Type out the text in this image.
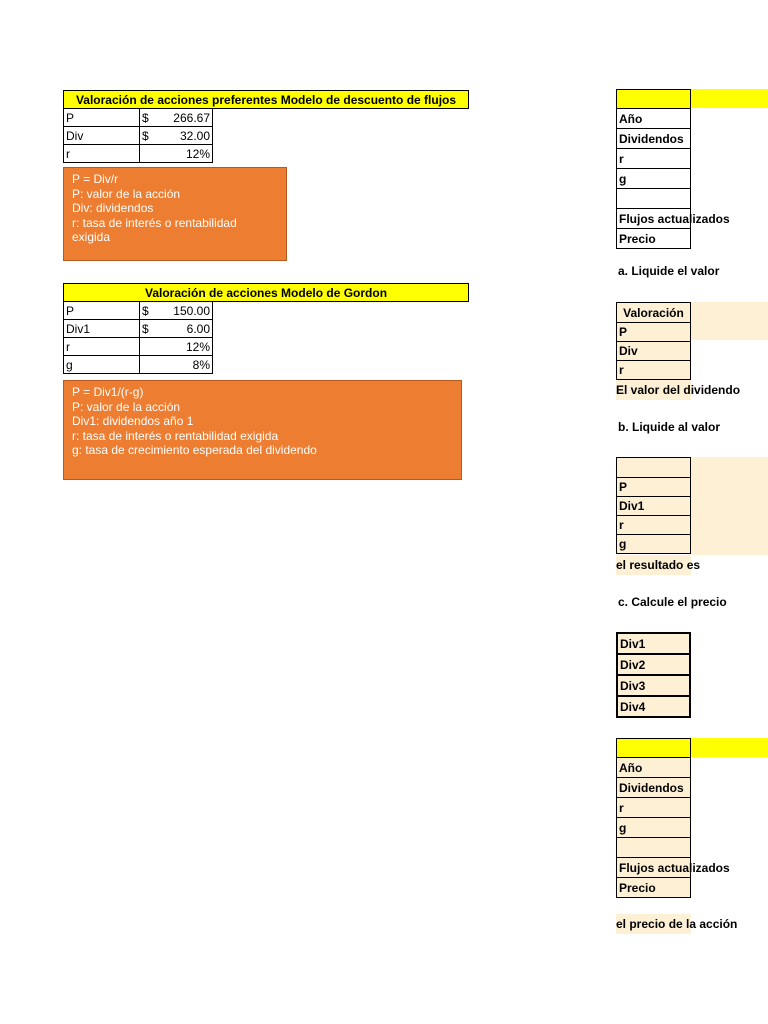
Valoración de acciones preferentes Modelo de descuento de flujos		
P	$ 266.67	

Div	$ 32.00	

r	12%	
P = Div/r
P: valor de la acción
Div: dividendos
r: tasa de interés o rentabilidad
exigida
Valoración de acciones Modelo de Gordon		
P	$ 150.00	

Div1	$ 6.00	

r	12%	
g	8%	
P = Div1/(r-g)
P: valor de la acción
Div1: dividendos año 1
r: tasa de interés o rentabilidad exigida
g: tasa de crecimiento esperada del dividendo

Año
Dividendos
r
g

Flujos actualizados
Precio
a. Liquide el valor
Valoración
P
Div
r
El valor del dividendo
b. Liquide al valor

P
Div1
r
g
el resultado es
c. Calcule el precio
Div1
Div2
Div3
Div4

Año
Dividendos
r
g

Flujos actualizados
Precio
el precio de la acción
